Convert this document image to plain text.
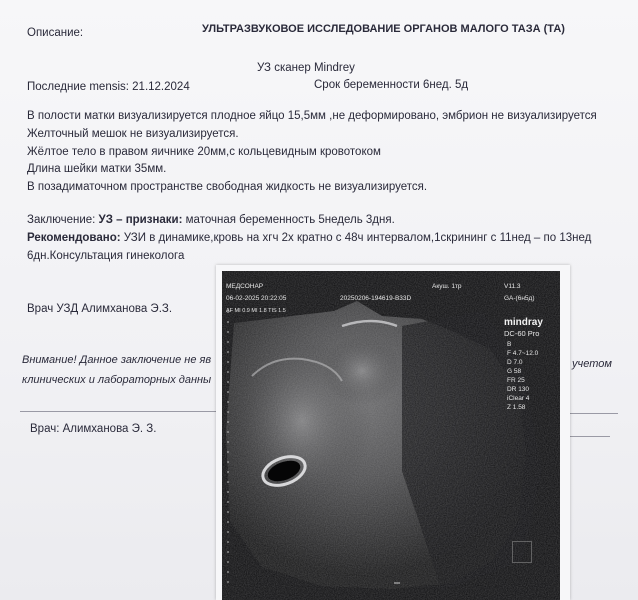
Описание:	УЛЬТРАЗВУКОВОЕ ИССЛЕДОВАНИЕ ОРГАНОВ МАЛОГО ТАЗА (ТА)
УЗ сканер Mindrey
Последние mensis: 21.12.2024	Срок беременности 6нед. 5д
В полости матки визуализируется плодное яйцо 15,5мм ,не деформировано, эмбрион не визуализируется
Желточный мешок не визуализируется.
Жёлтое тело в правом яичнике 20мм,с кольцевидным кровотоком
Длина шейки матки 35мм.
В позадиматочном пространстве свободная жидкость не визуализируется.
Заключение: УЗ – признаки: маточная беременность 5недель 3дня.
Рекомендовано: УЗИ в динамике,кровь на хгч 2х кратно с 48ч интервалом,1скрининг с 11нед – по 13нед
6дн.Консультация гинеколога
Врач УЗД Алимханова Э.З.
Внимание! Данное заключение не яв	учетом
клинических и лабораторных данны
Врач: Алимханова Э. З.
МЕДСОНАР
06-02-2025 20:22:05	20250206-194619-B33D
Акуш. 1тр	V11.3
GA-(6н5д)
AF MI 0.9 MI 1.8 TIS 1.5
mindray
DC-60 Pro
B
F 4.7~12.0
D 7.0
G 58
FR 25
DR 130
iClear 4
Z 1.58
